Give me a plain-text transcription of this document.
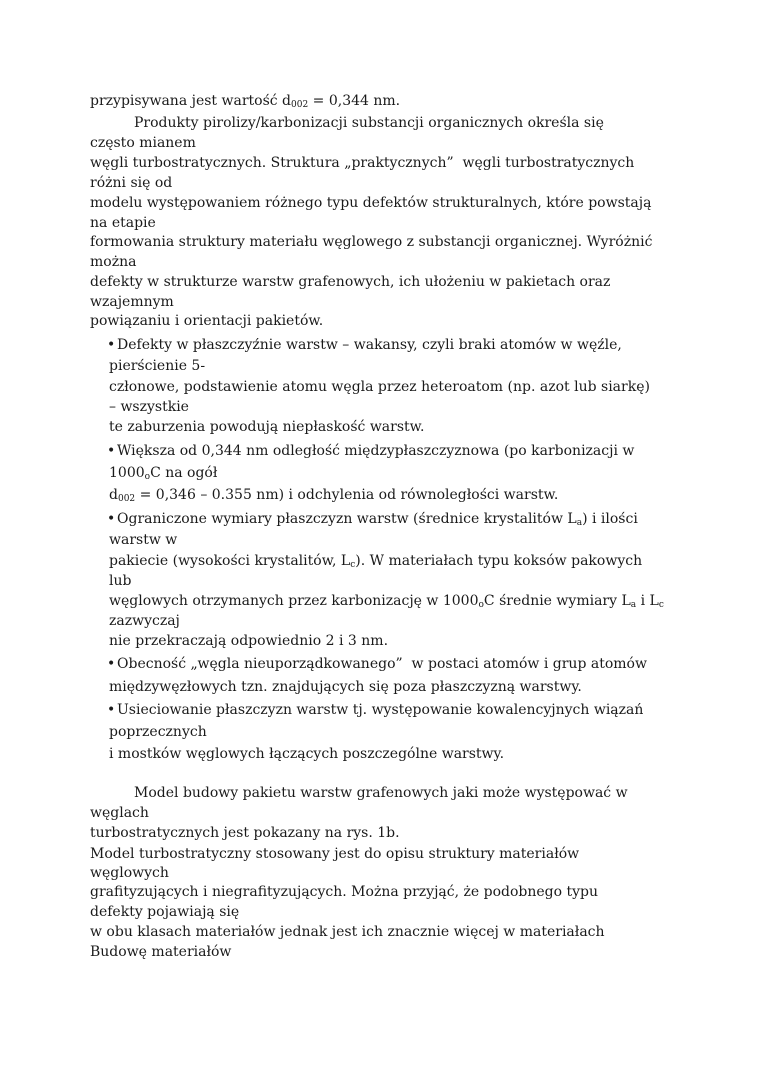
przypisywana jest wartość $d_{002} = 0,344$ nm.
Produkty pirolizy/karbonizacji substancji organicznych określa się
często mianem
węgli turbostratycznych. Struktura „praktycznych”  węgli turbostratycznych
różni się od
modelu występowaniem różnego typu defektów strukturalnych, które powstają
na etapie
formowania struktury materiału węglowego z substancji organicznej. Wyróżnić
można
defekty w strukturze warstw grafenowych, ich ułożeniu w pakietach oraz
wzajemnym
powiązaniu i orientacji pakietów.
• Defekty w płaszczyźnie warstw – wakansy, czyli braki atomów w węźle,
pierścienie 5-
członowe, podstawienie atomu węgla przez heteroatom (np. azot lub siarkę)
– wszystkie
te zaburzenia powodują niepłaskość warstw.
• Większa od 0,344 nm odległość międzypłaszczyznowa (po karbonizacji w
$1000_oC$ na ogół
$d_{002} = 0,346 - 0.355$ nm) i odchylenia od równoległości warstw.
• Ograniczone wymiary płaszczyzn warstw (średnice krystalitów $L_a$) i ilości
warstw w
pakiecie (wysokości krystalitów, $L_c$). W materiałach typu koksów pakowych
lub
węglowych otrzymanych przez karbonizację w $1000_oC$ średnie wymiary $L_a$ i $L_c$
zazwyczaj
nie przekraczają odpowiednio 2 i 3 nm.
• Obecność „węgla nieuporządkowanego”  w postaci atomów i grup atomów
międzywęzłowych tzn. znajdujących się poza płaszczyzną warstwy.
• Usieciowanie płaszczyzn warstw tj. występowanie kowalencyjnych wiązań
poprzecznych
i mostków węglowych łączących poszczególne warstwy.
Model budowy pakietu warstw grafenowych jaki może występować w
węglach
turbostratycznych jest pokazany na rys. 1b.
Model turbostratyczny stosowany jest do opisu struktury materiałów
węglowych
grafityzujących i niegrafityzujących. Można przyjąć, że podobnego typu
defekty pojawiają się
w obu klasach materiałów jednak jest ich znacznie więcej w materiałach
Budowę materiałów
